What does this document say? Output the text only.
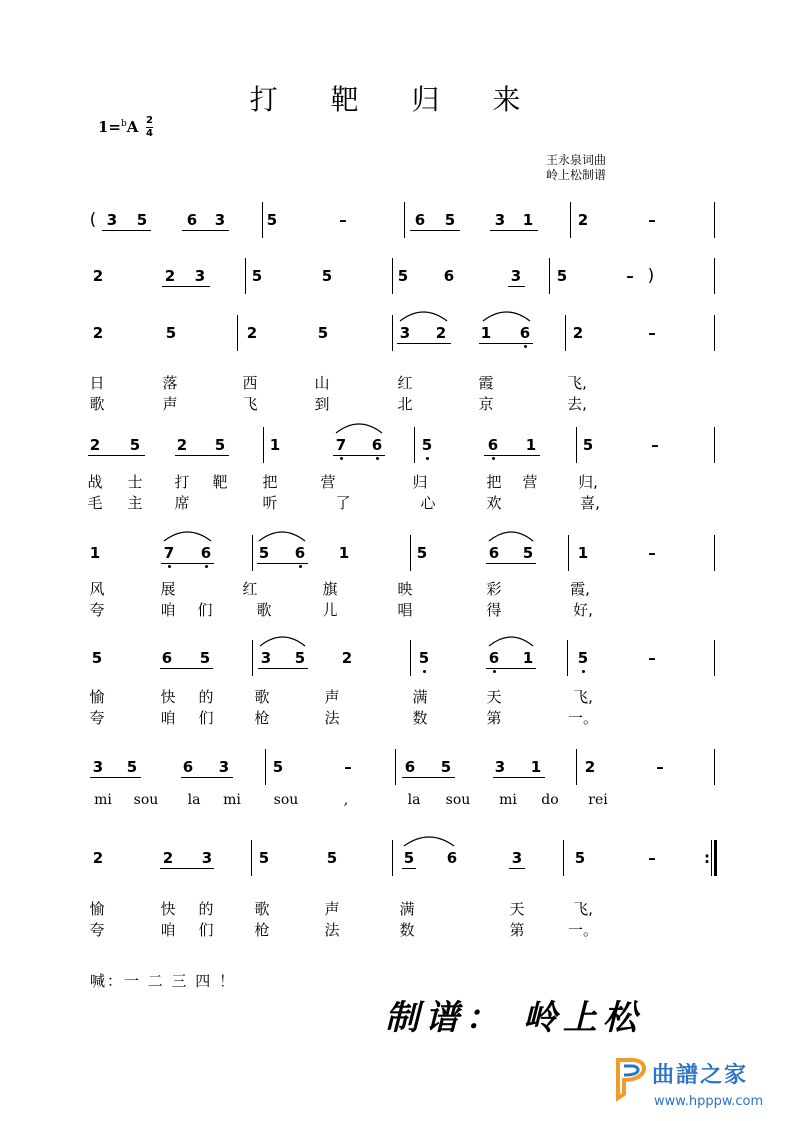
打 靶 归 来
1=$^b$A 2
4
王永泉词曲
岭上松制谱
( 3 5	6 3	5	–	6 5	3 1	2	–
2	2 3	5	5	5 6	3 5	– )
2	5	2	5	3 2 1 6	2	–
日	落	西	山	红	霞	飞,
歌	声	飞	到	北	京	去,
2 5 2 5	1	7 6	5	6 1	5	–
战 士 打 靶 把	营	归	把 营	归,
毛 主 席	听	了	心	欢	喜,
1	7 6	5 6 1	5	6 5	1	–
风	展	红	旗	映	彩	霞,
夸	咱 们	歌	儿	唱	得	好,
5	6 5	3 5 2	5	6 1	5	–
愉	快 的	歌	声	满	天	飞,
夸	咱 们	枪	法	数	第	一。
3 5	6 3	5	–	6 5	3 1	2	–
mi sou la mi sou	,	la sou mi do rei
2	2 3	5	5	5 6	3	5	–	:
愉	快 的	歌	声	满	天	飞,
夸	咱 们	枪	法	数	第	一。
喊：一 二 三 四 ！
制谱： 岭上松
曲譜之家
www.hpppw.com
